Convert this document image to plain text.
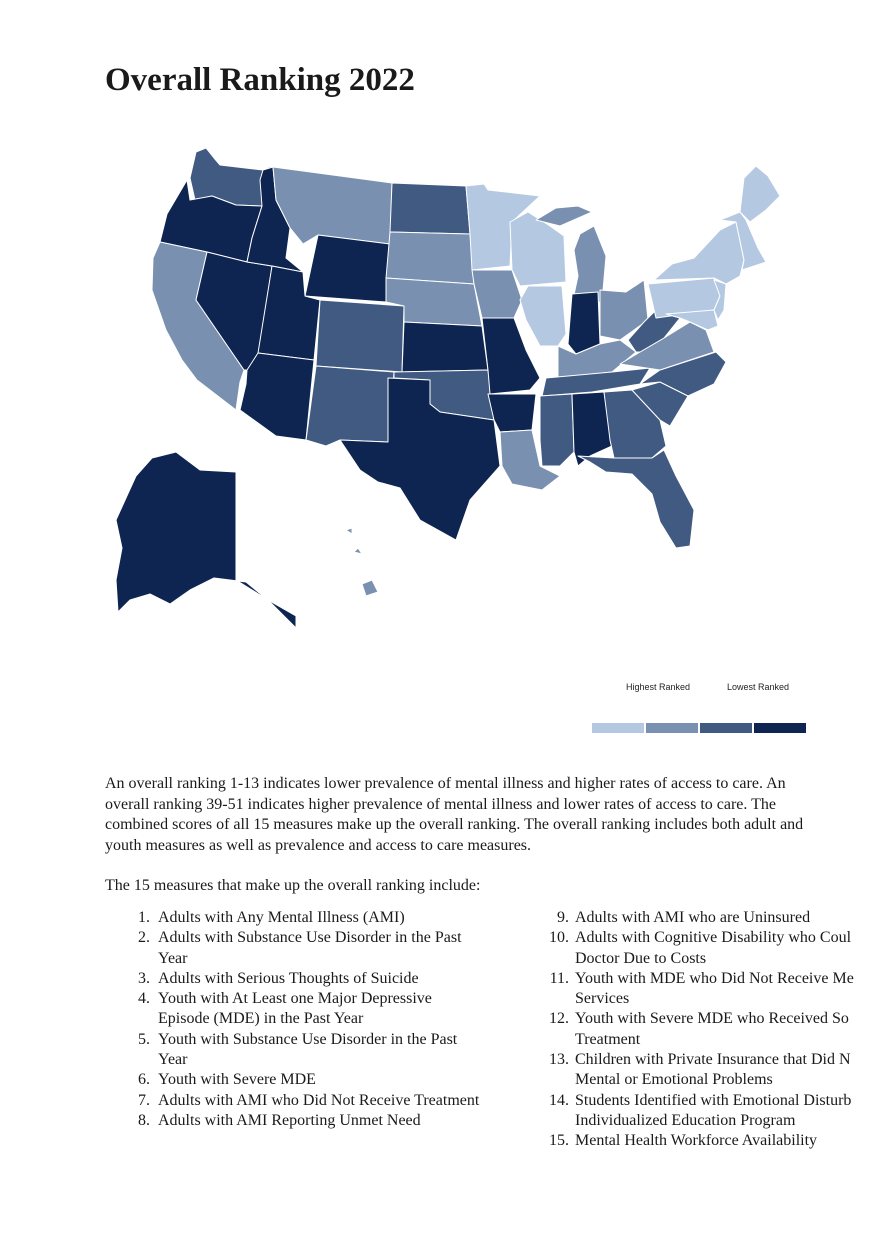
Overall Ranking 2022
Highest Ranked	Lowest Ranked

An overall ranking 1-13 indicates lower prevalence of mental illness and higher rates of access to care. An overall ranking 39-51 indicates higher prevalence of mental illness and lower rates of access to care. The combined scores of all 15 measures make up the overall ranking. The overall ranking includes both adult and youth measures as well as prevalence and access to care measures.

The 15 measures that make up the overall ranking include:

1. Adults with Any Mental Illness (AMI)
2. Adults with Substance Use Disorder in the Past
Year
3. Adults with Serious Thoughts of Suicide
4. Youth with At Least one Major Depressive
Episode (MDE) in the Past Year
5. Youth with Substance Use Disorder in the Past
Year
6. Youth with Severe MDE
7. Adults with AMI who Did Not Receive Treatment
8. Adults with AMI Reporting Unmet Need
9. Adults with AMI who are Uninsured
10. Adults with Cognitive Disability who Coul
Doctor Due to Costs
11. Youth with MDE who Did Not Receive Me
Services
12. Youth with Severe MDE who Received So
Treatment
13. Children with Private Insurance that Did N
Mental or Emotional Problems
14. Students Identified with Emotional Disturb
Individualized Education Program
15. Mental Health Workforce Availability
